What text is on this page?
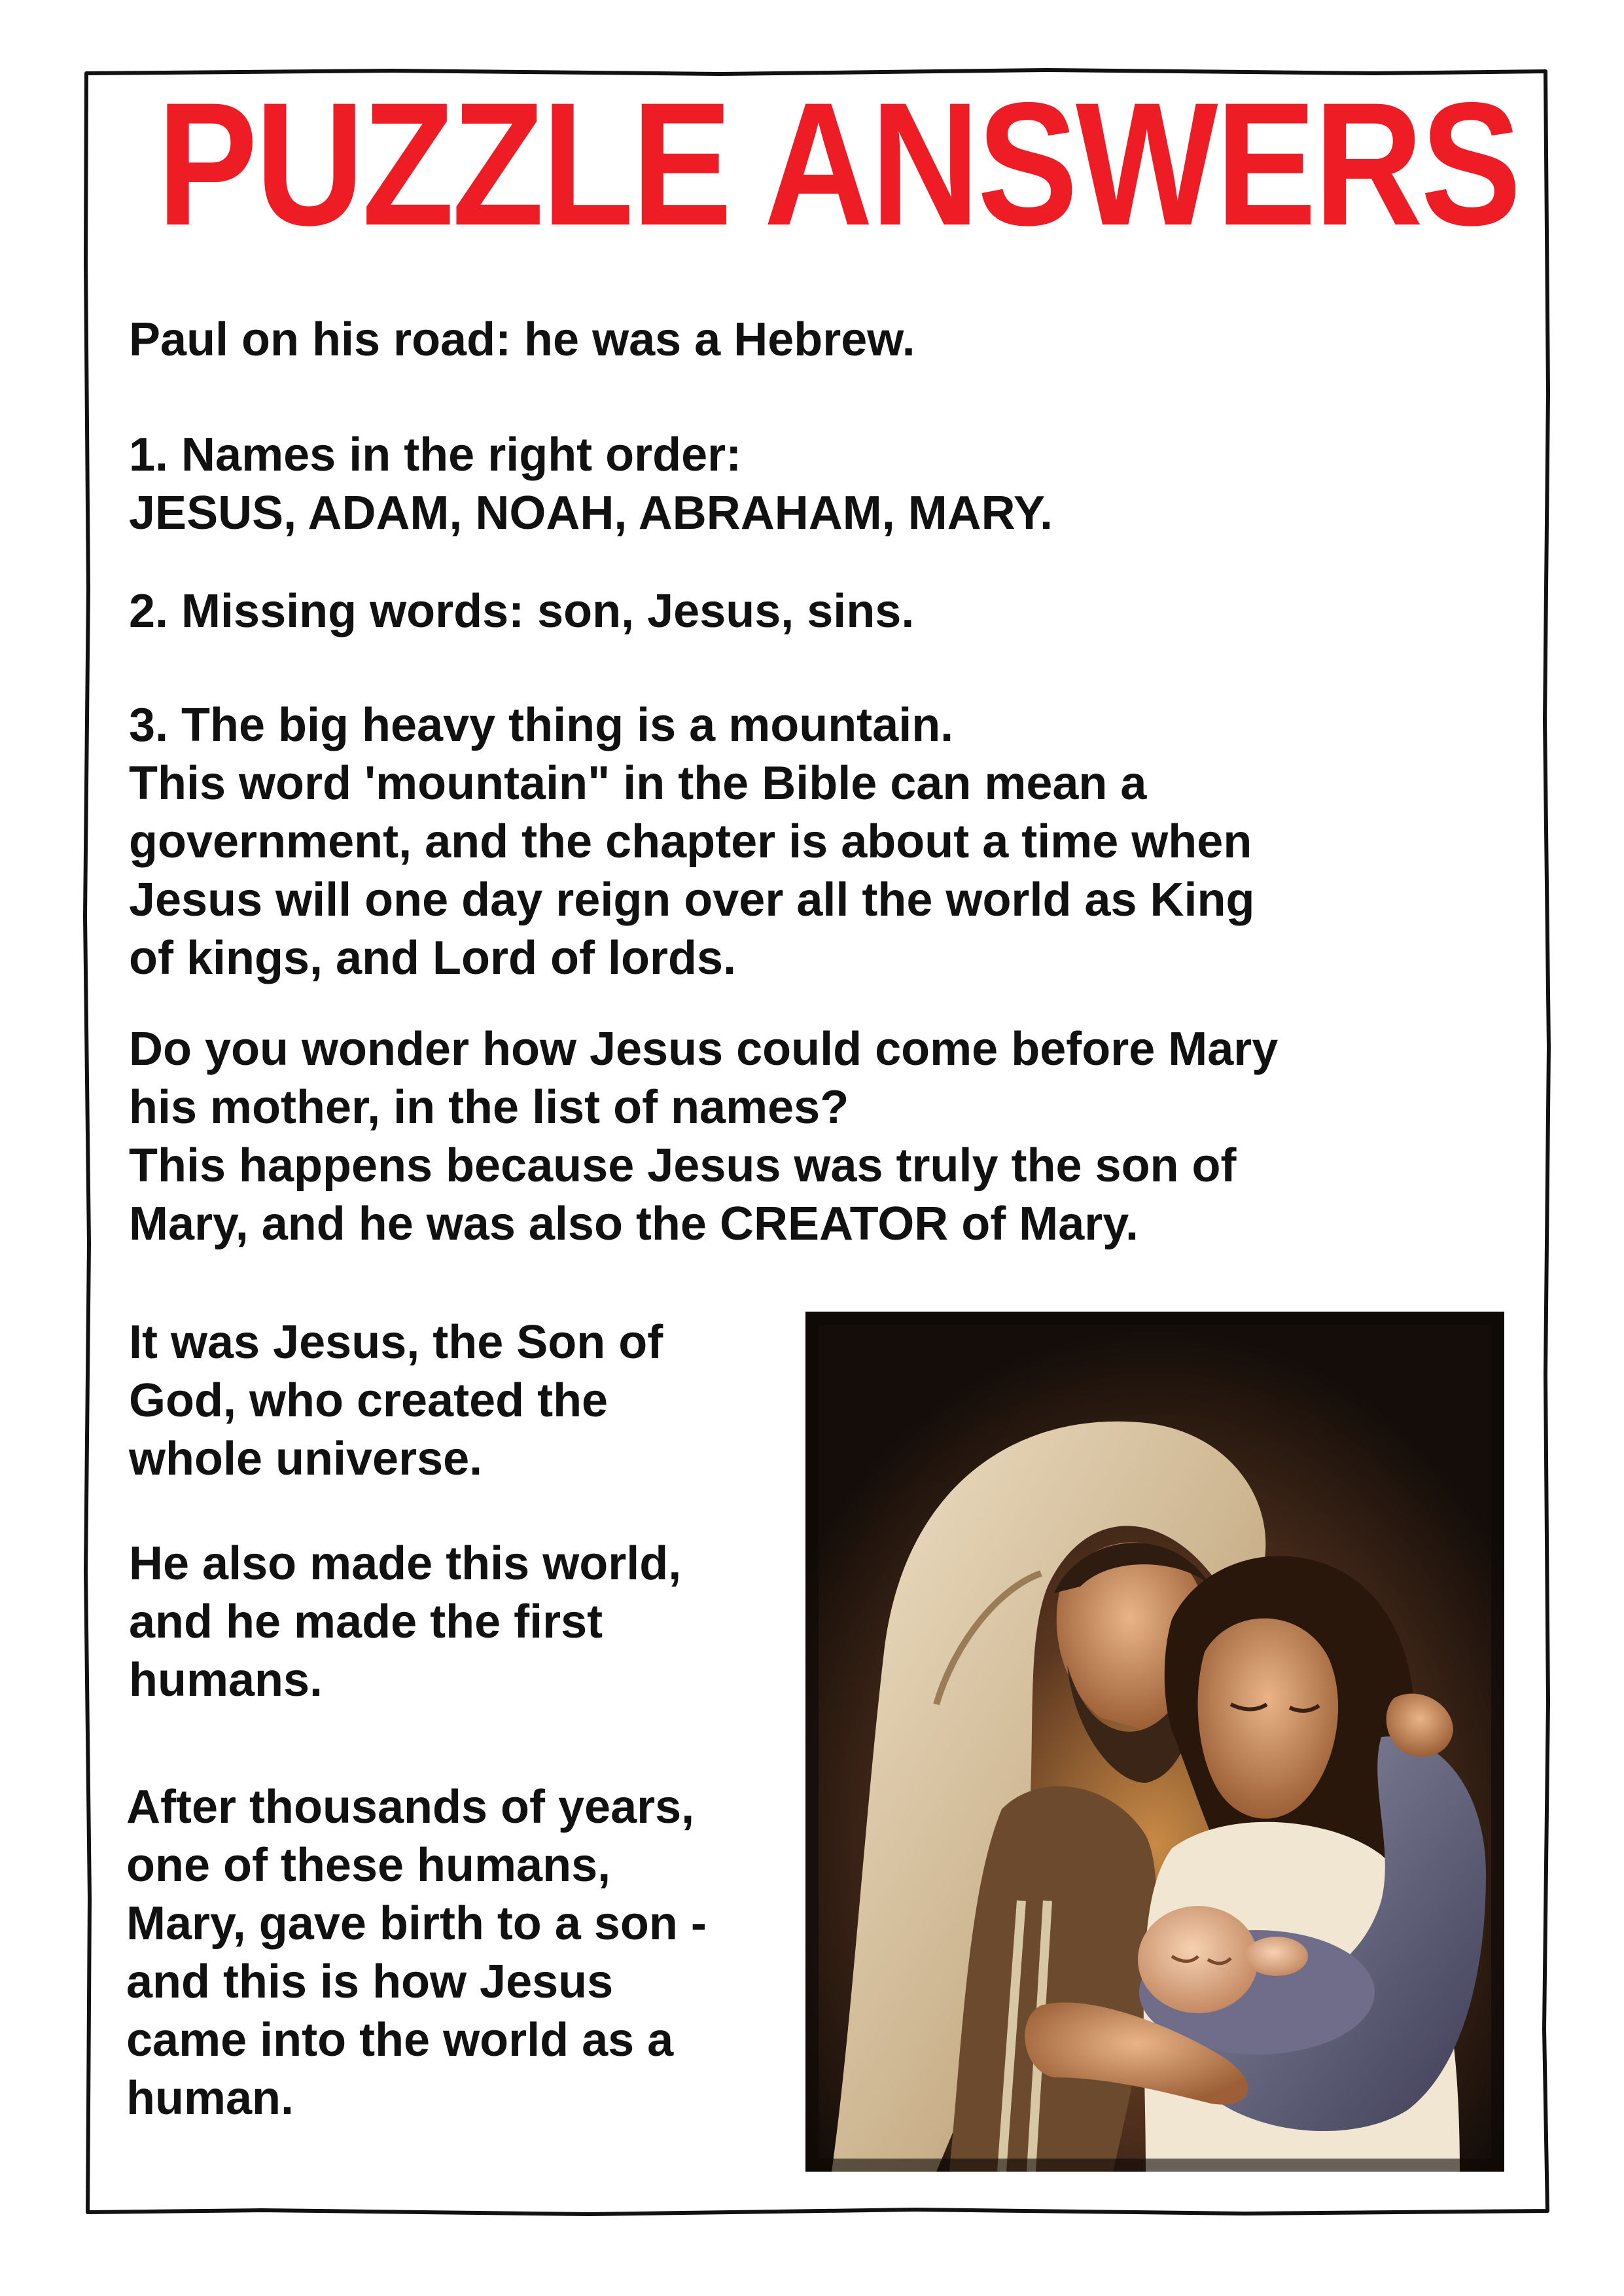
PUZZLE ANSWERS

Paul on his road: he was a Hebrew.

1. Names in the right order:
JESUS, ADAM, NOAH, ABRAHAM, MARY.

2. Missing words: son, Jesus, sins.

3. The big heavy thing is a mountain.
This word 'mountain" in the Bible can mean a
government, and the chapter is about a time when
Jesus will one day reign over all the world as King
of kings, and Lord of lords.

Do you wonder how Jesus could come before Mary
his mother, in the list of names?
This happens because Jesus was truly the son of
Mary, and he was also the CREATOR of Mary.

It was Jesus, the Son of
God, who created the
whole universe.

He also made this world,
and he made the first
humans.

After thousands of years,
one of these humans,
Mary, gave birth to a son -
and this is how Jesus
came into the world as a
human.
